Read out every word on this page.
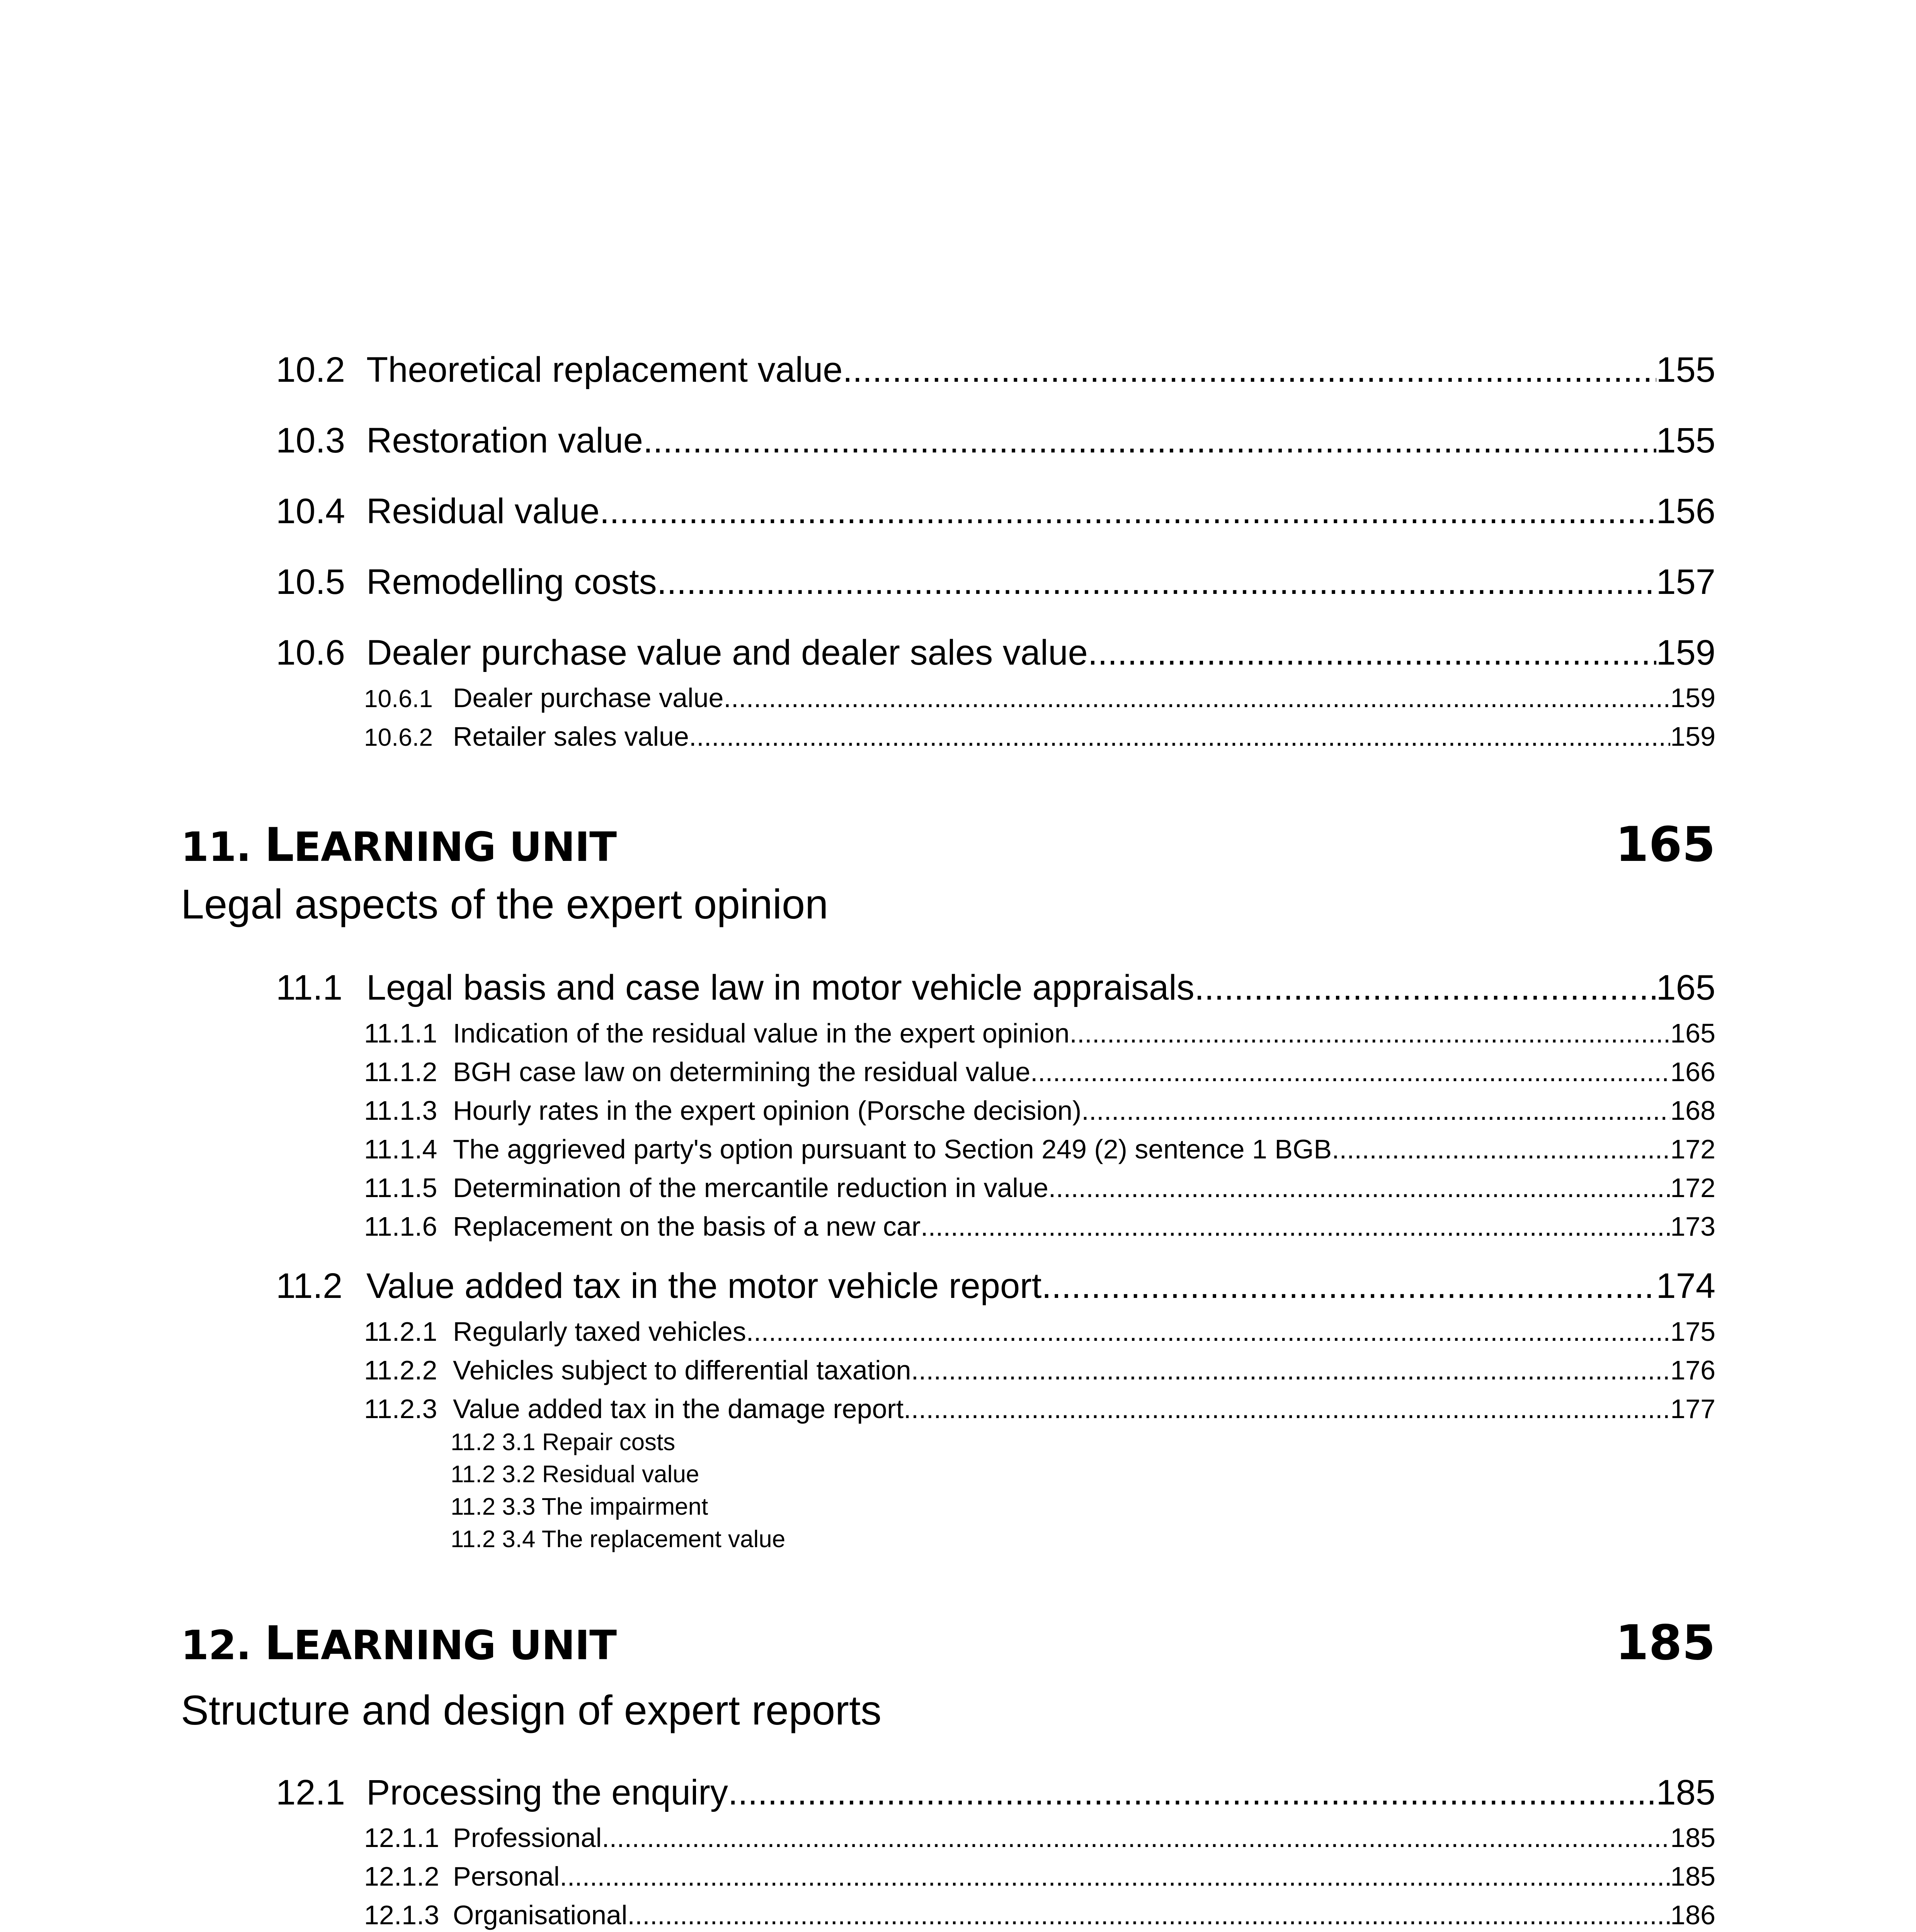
10.2 Theoretical replacement value .....	155
10.3 Restoration value .....	155
10.4 Residual value .....	156
10.5 Remodelling costs .....	157
10.6 Dealer purchase value and dealer sales value .....	159
10.6.1 Dealer purchase value .....	159
10.6.2 Retailer sales value .....	159
11. LEARNING UNIT	165
Legal aspects of the expert opinion
11.1 Legal basis and case law in motor vehicle appraisals .....	165
11.1.1 Indication of the residual value in the expert opinion .....	165
11.1.2 BGH case law on determining the residual value .....	166
11.1.3 Hourly rates in the expert opinion (Porsche decision) .....	168
11.1.4 The aggrieved party's option pursuant to Section 249 (2) sentence 1 BGB .....	172
11.1.5 Determination of the mercantile reduction in value .....	172
11.1.6 Replacement on the basis of a new car .....	173
11.2 Value added tax in the motor vehicle report .....	174
11.2.1 Regularly taxed vehicles .....	175
11.2.2 Vehicles subject to differential taxation .....	176
11.2.3 Value added tax in the damage report .....	177
11.2 3.1 Repair costs
11.2 3.2 Residual value
11.2 3.3 The impairment
11.2 3.4 The replacement value
12. LEARNING UNIT	185
Structure and design of expert reports
12.1 Processing the enquiry .....	185
12.1.1 Professional .....	185
12.1.2 Personal .....	185
12.1.3 Organisational .....	186
